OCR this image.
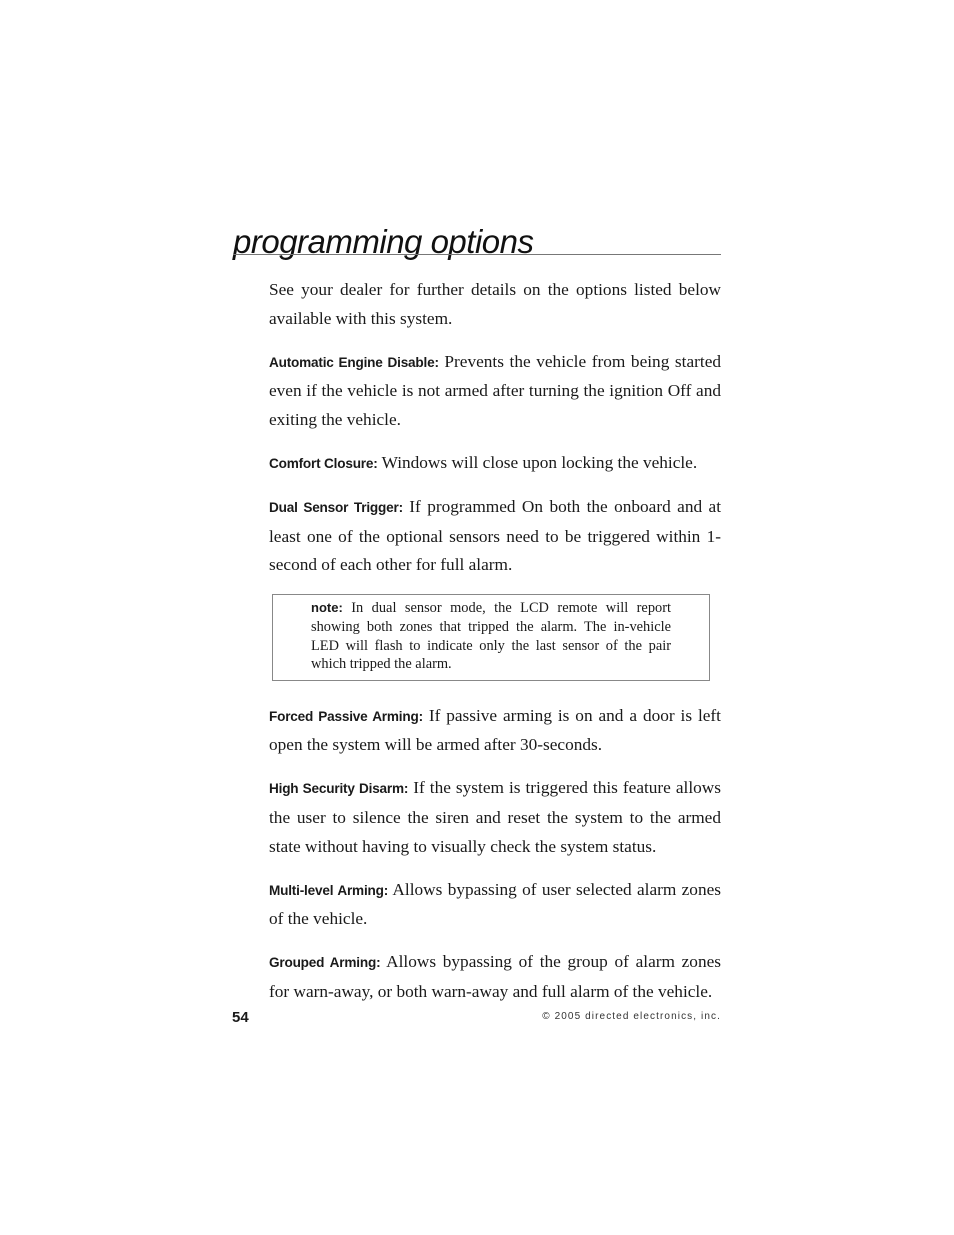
programming options

See your dealer for further details on the options listed below available with this system.

Automatic Engine Disable: Prevents the vehicle from being started even if the vehicle is not armed after turning the ignition Off and exiting the vehicle.

Comfort Closure: Windows will close upon locking the vehicle.

Dual Sensor Trigger: If programmed On both the onboard and at least one of the optional sensors need to be triggered within 1-second of each other for full alarm.

note: In dual sensor mode, the LCD remote will report showing both zones that tripped the alarm. The in-vehicle LED will flash to indicate only the last sensor of the pair which tripped the alarm.

Forced Passive Arming: If passive arming is on and a door is left open the system will be armed after 30-seconds.

High Security Disarm: If the system is triggered this feature allows the user to silence the siren and reset the system to the armed state without having to visually check the system status.

Multi-level Arming: Allows bypassing of user selected alarm zones of the vehicle.

Grouped Arming: Allows bypassing of the group of alarm zones for warn-away, or both warn-away and full alarm of the vehicle.

54	© 2005 directed electronics, inc.
